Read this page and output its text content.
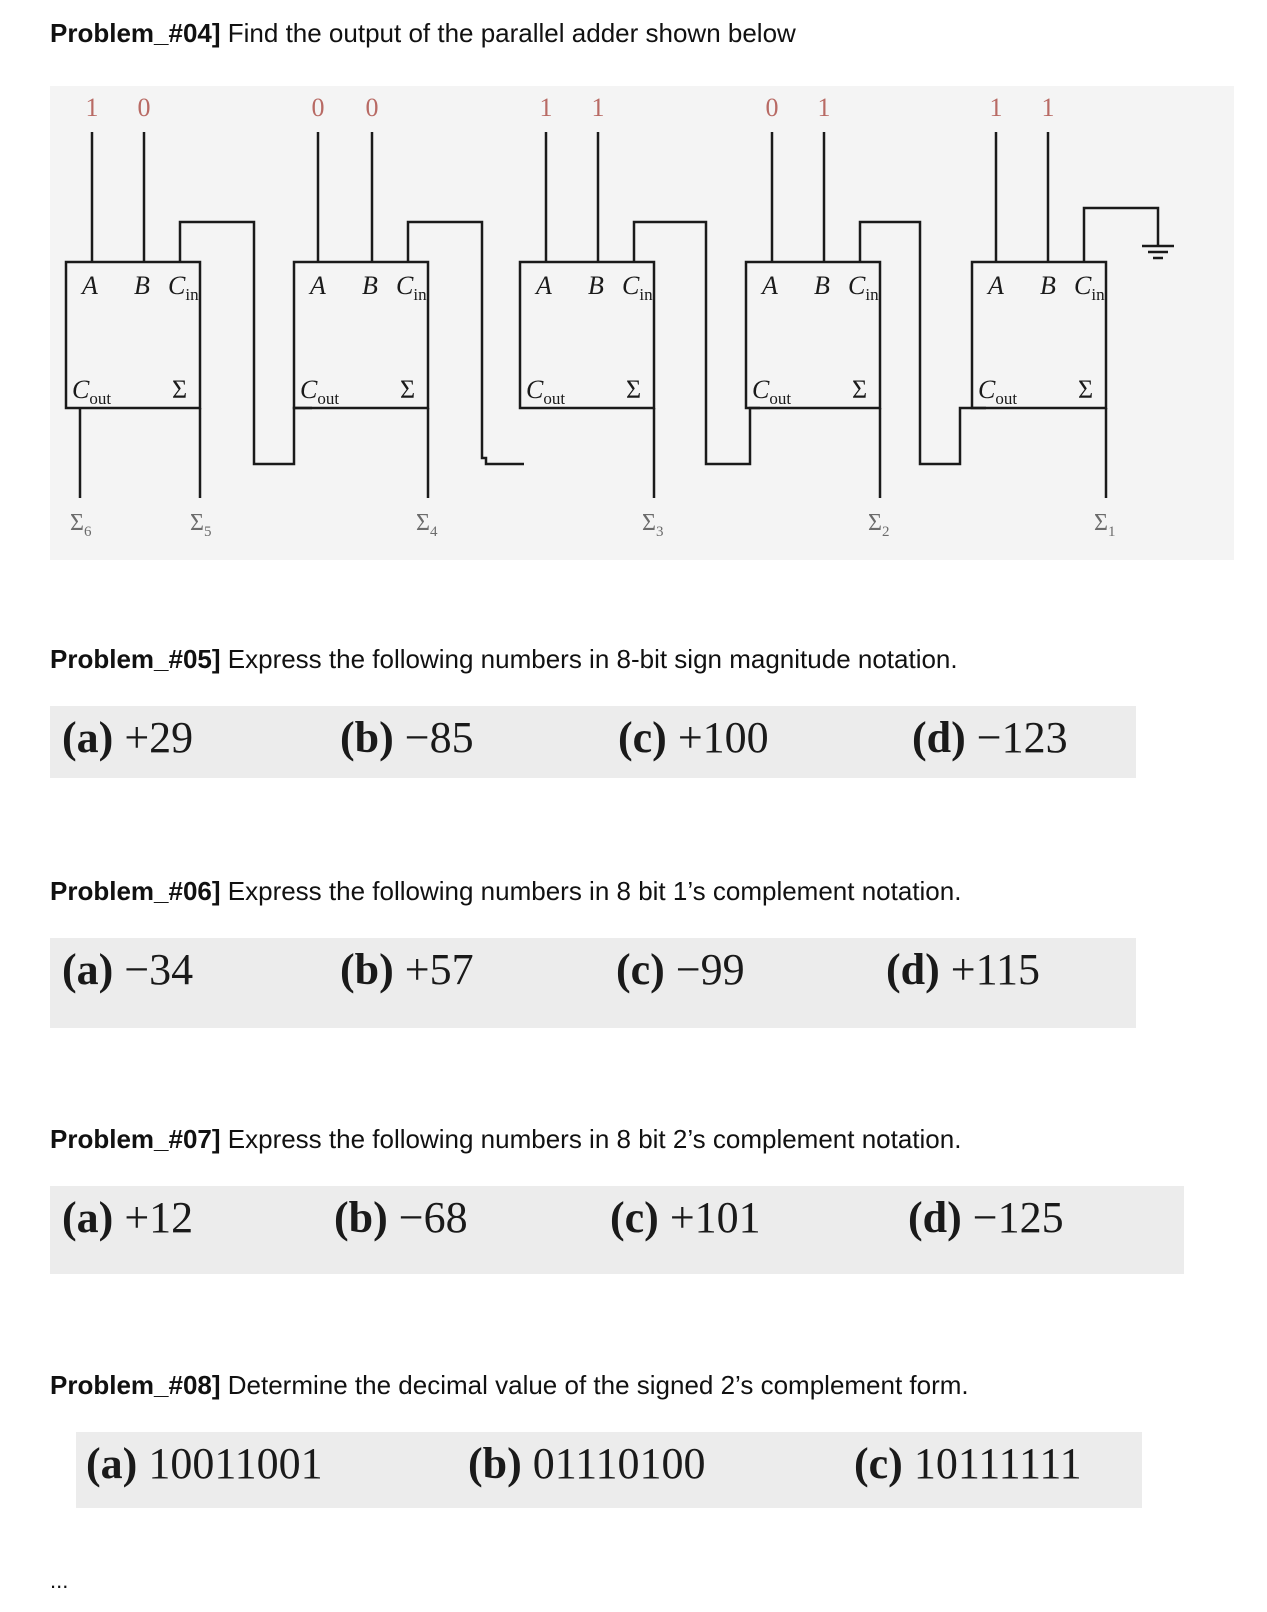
Problem_#04] Find the output of the parallel adder shown below
1 0	0 0	1 1	0 1	1 1
A B $C_{in}$
$C_{out}$ Σ
A B $C_{in}$
$C_{out}$ Σ
A B $C_{in}$
$C_{out}$ Σ
A B $C_{in}$
$C_{out}$ Σ
A B $C_{in}$
$C_{out}$ Σ
$\Sigma_6$	$\Sigma_5$	$\Sigma_4$	$\Sigma_3$	$\Sigma_2$	$\Sigma_1$
Problem_#05] Express the following numbers in 8-bit sign magnitude notation.
(a) +29	(b) −85	(c) +100	(d) −123
Problem_#06] Express the following numbers in 8 bit 1’s complement notation.
(a) −34	(b) +57	(c) −99	(d) +115
Problem_#07] Express the following numbers in 8 bit 2’s complement notation.
(a) +12	(b) −68	(c) +101	(d) −125
Problem_#08] Determine the decimal value of the signed 2’s complement form.
(a) 10011001	(b) 01110100	(c) 10111111
...
